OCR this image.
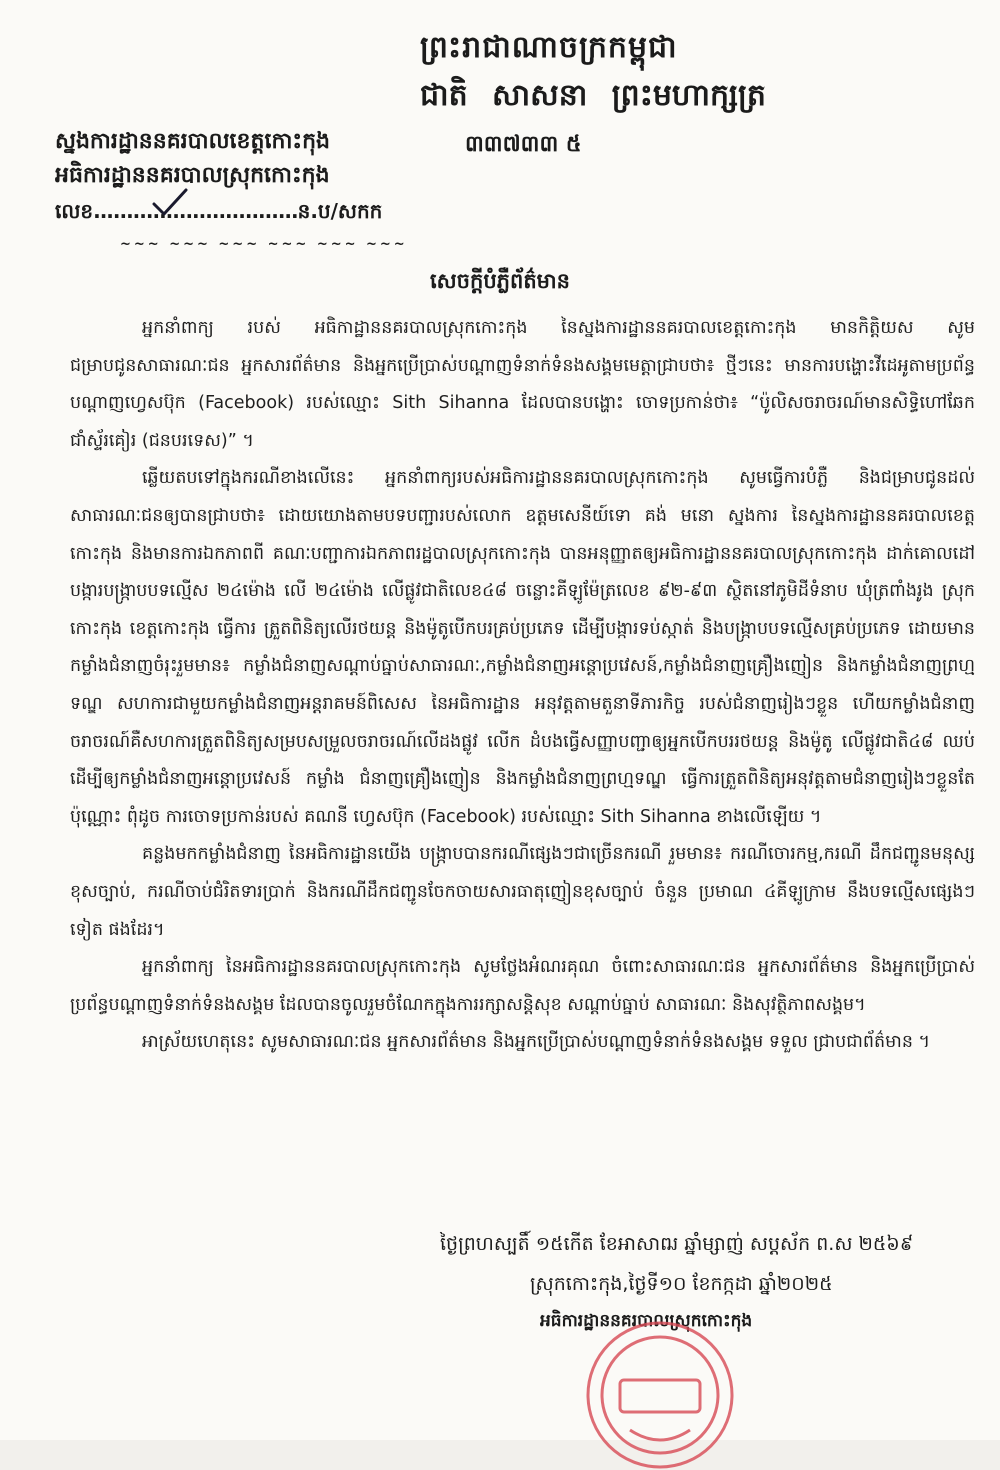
ព្រះរាជាណាចក្រកម្ពុជា
ជាតិ សាសនា ព្រះមហាក្សត្រ
៣៣៧៣៣ ៥
ស្នងការដ្ឋាននគរបាលខេត្តកោះកុង
អធិការដ្ឋាននគរបាលស្រុកកោះកុង
លេខ...............................ន.ប/សកក
~~~ ~~~ ~~~ ~~~ ~~~ ~~~
សេចក្ដីបំភ្លឺព័ត៌មាន

អ្នកនាំពាក្យ របស់ អធិកាដ្ឋាននគរបាលស្រុកកោះកុង នៃស្នងការដ្ឋាននគរបាលខេត្តកោះកុង មានកិត្តិយស សូមជម្រាបជូនសាធារណៈជន អ្នកសារព័ត៌មាន និងអ្នកប្រើប្រាស់បណ្ដាញទំនាក់ទំនងសង្គមមេត្តាជ្រាបថា៖ ថ្មីៗនេះ មានការបង្ហោះវីដេអូតាមប្រព័ន្ធបណ្ដាញហ្វេសប៊ុក (Facebook) របស់ឈ្មោះ Sith Sihanna ដែលបានបង្ហោះ ចោទប្រកាន់ថា៖ “ប៉ូលិសចរាចរណ៍មានសិទ្ធិហៅឆែកជាំស្ទ័រគៀរ (ជនបរទេស)” ។

ឆ្លើយតបទៅក្នុងករណីខាងលើនេះ អ្នកនាំពាក្យរបស់អធិការដ្ឋាននគរបាលស្រុកកោះកុង សូមធ្វើការបំភ្លឺ និងជម្រាបជូនដល់សាធារណៈជនឲ្យបានជ្រាបថា៖ ដោយយោងតាមបទបញ្ជារបស់លោក ឧត្តមសេនីយ៍ទោ គង់ មនោ ស្នងការ នៃស្នងការដ្ឋាននគរបាលខេត្តកោះកុង និងមានការឯកភាពពី គណៈបញ្ជាការឯកភាពរដ្ឋបាលស្រុកកោះកុង បានអនុញ្ញាតឲ្យអធិការដ្ឋាននគរបាលស្រុកកោះកុង ដាក់គោលដៅបង្ការបង្ក្រាបបទល្មើស ២៤ម៉ោង លើ ២៤ម៉ោង លើផ្លូវជាតិលេខ៤៨ ចន្លោះគីឡូម៉ែត្រលេខ ៩២-៩៣ ស្ថិតនៅភូមិដីទំនាប ឃុំត្រពាំងរូង ស្រុកកោះកុង ខេត្តកោះកុង ធ្វើការ ត្រួតពិនិត្យលើរថយន្ត និងម៉ូតូបើកបរគ្រប់ប្រភេទ ដើម្បីបង្ការទប់ស្កាត់ និងបង្ក្រាបបទល្មើសគ្រប់ប្រភេទ ដោយមាន កម្លាំងជំនាញចំរុះរួមមាន៖ កម្លាំងជំនាញសណ្ដាប់ធ្នាប់សាធារណៈ,កម្លាំងជំនាញអន្តោប្រវេសន៍,កម្លាំងជំនាញគ្រឿងញៀន និងកម្លាំងជំនាញព្រហ្មទណ្ឌ សហការជាមួយកម្លាំងជំនាញអន្តរាគមន៍ពិសេស នៃអធិការដ្ឋាន អនុវត្តតាមតួនាទីភារកិច្ច របស់ជំនាញរៀងៗខ្លួន ហើយកម្លាំងជំនាញចរាចរណ៍គឺសហការត្រួតពិនិត្យសម្របសម្រួលចរាចរណ៍លើដងផ្លូវ លើក ដំបងធ្វើសញ្ញាបញ្ជាឲ្យអ្នកបើកបររថយន្ត និងម៉ូតូ លើផ្លូវជាតិ៤៨ ឈប់ដើម្បីឲ្យកម្លាំងជំនាញអន្តោប្រវេសន៍ កម្លាំង ជំនាញគ្រឿងញៀន និងកម្លាំងជំនាញព្រហ្មទណ្ឌ ធ្វើការត្រួតពិនិត្យអនុវត្តតាមជំនាញរៀងៗខ្លួនតែប៉ុណ្ណោះ ពុំដូច ការចោទប្រកាន់របស់ គណនី ហ្វេសប៊ុក (Facebook) របស់ឈ្មោះ Sith Sihanna ខាងលើឡើយ ។

គន្លងមកកម្លាំងជំនាញ នៃអធិការដ្ឋានយើង បង្ក្រាបបានករណីផ្សេងៗជាច្រើនករណី រួមមាន៖ ករណីចោរកម្ម,ករណី ដឹកជញ្ជូនមនុស្សខុសច្បាប់, ករណីចាប់ជំរិតទារប្រាក់ និងករណីដឹកជញ្ជូនចែកចាយសារធាតុញៀនខុសច្បាប់ ចំនួន ប្រមាណ ៤គីឡូក្រាម នឹងបទល្មើសផ្សេងៗទៀត ផងដែរ។

អ្នកនាំពាក្យ នៃអធិការដ្ឋាននគរបាលស្រុកកោះកុង សូមថ្លែងអំណរគុណ ចំពោះសាធារណៈជន អ្នកសារព័ត៌មាន និងអ្នកប្រើប្រាស់ប្រព័ន្ធបណ្ដាញទំនាក់ទំនងសង្គម ដែលបានចូលរួមចំណែកក្នុងការរក្សាសន្តិសុខ សណ្ដាប់ធ្នាប់ សាធារណៈ និងសុវត្ថិភាពសង្គម។

អាស្រ័យហេតុនេះ សូមសាធារណៈជន អ្នកសារព័ត៌មាន និងអ្នកប្រើប្រាស់បណ្ដាញទំនាក់ទំនងសង្គម ទទួល ជ្រាបជាព័ត៌មាន ។

ថ្ងៃព្រហស្បតិ៍ ១៥កើត ខែអាសាឍ ឆ្នាំម្សាញ់ សប្តស័ក ព.ស ២៥៦៩
ស្រុកកោះកុង,ថ្ងៃទី១០ ខែកក្កដា ឆ្នាំ២០២៥
អធិការដ្ឋាននគរបាលស្រុកកោះកុង
